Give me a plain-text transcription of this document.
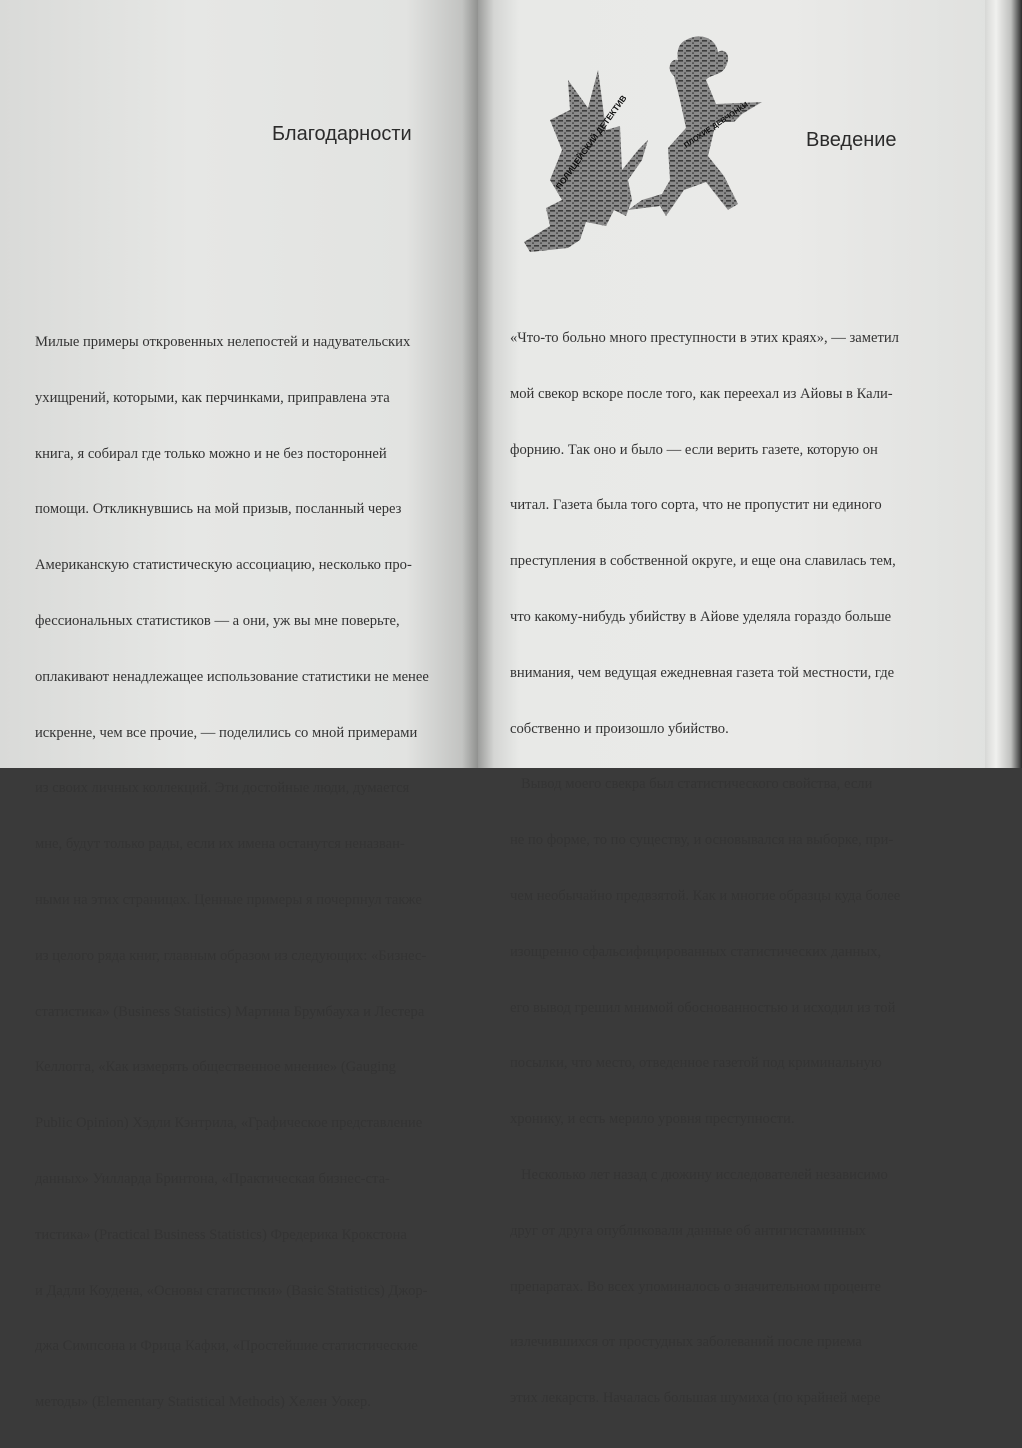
Благодарности	Введение
ПОЛИЦЕЙСКИЙ ДЕТЕКТИВ	ПЛОХИЕ ДЕВЧОНКИ

Милые примеры откровенных нелепостей и надувательских

ухищрений, которыми, как перчинками, приправлена эта

книга, я собирал где только можно и не без посторонней

помощи. Откликнувшись на мой призыв, посланный через

Американскую статистическую ассоциацию, несколько про-

фессиональных статистиков — а они, уж вы мне поверьте,

оплакивают ненадлежащее использование статистики не менее

искренне, чем все прочие, — поделились со мной примерами

из своих личных коллекций. Эти достойные люди, думается

мне, будут только рады, если их имена останутся неназван-

ными на этих страницах. Ценные примеры я почерпнул также

из целого ряда книг, главным образом из следующих: «Бизнес-

статистика» (Business Statistics) Мартина Брумбауха и Лестера

Келлогга, «Как измерять общественное мнение» (Gauging

Public Opinion) Хэдли Кэнтрила, «Графическое представление

данных» Уилларда Бринтона, «Практическая бизнес-ста-

тистика» (Practical Business Statistics) Фредерика Крокстона

и Дадли Коудена, «Основы статистики» (Basic Statistics) Джор-

джа Симпсона и Фрица Кафки, «Простейшие статистические

методы» (Elementary Statistical Methods) Хелен Уокер.

«Что-то больно много преступности в этих краях», — заметил

мой свекор вскоре после того, как переехал из Айовы в Кали-

форнию. Так оно и было — если верить газете, которую он

читал. Газета была того сорта, что не пропустит ни единого

преступления в собственной округе, и еще она славилась тем,

что какому-нибудь убийству в Айове уделяла гораздо больше

внимания, чем ведущая ежедневная газета той местности, где

собственно и произошло убийство.

Вывод моего свекра был статистического свойства, если

не по форме, то по существу, и основывался на выборке, при-

чем необычайно предвзятой. Как и многие образцы куда более

изощренно сфальсифицированных статистических данных,

его вывод грешил мнимой обоснованностью и исходил из той

посылки, что место, отведенное газетой под криминальную

хронику, и есть мерило уровня преступности.

Несколько лет назад с дюжину исследователей независимо

друг от друга опубликовали данные об антигистаминных

препаратах. Во всех упоминалось о значительном проценте

излечившихся от простудных заболеваний после приема

этих лекарств. Началась большая шумиха (по крайней мере
